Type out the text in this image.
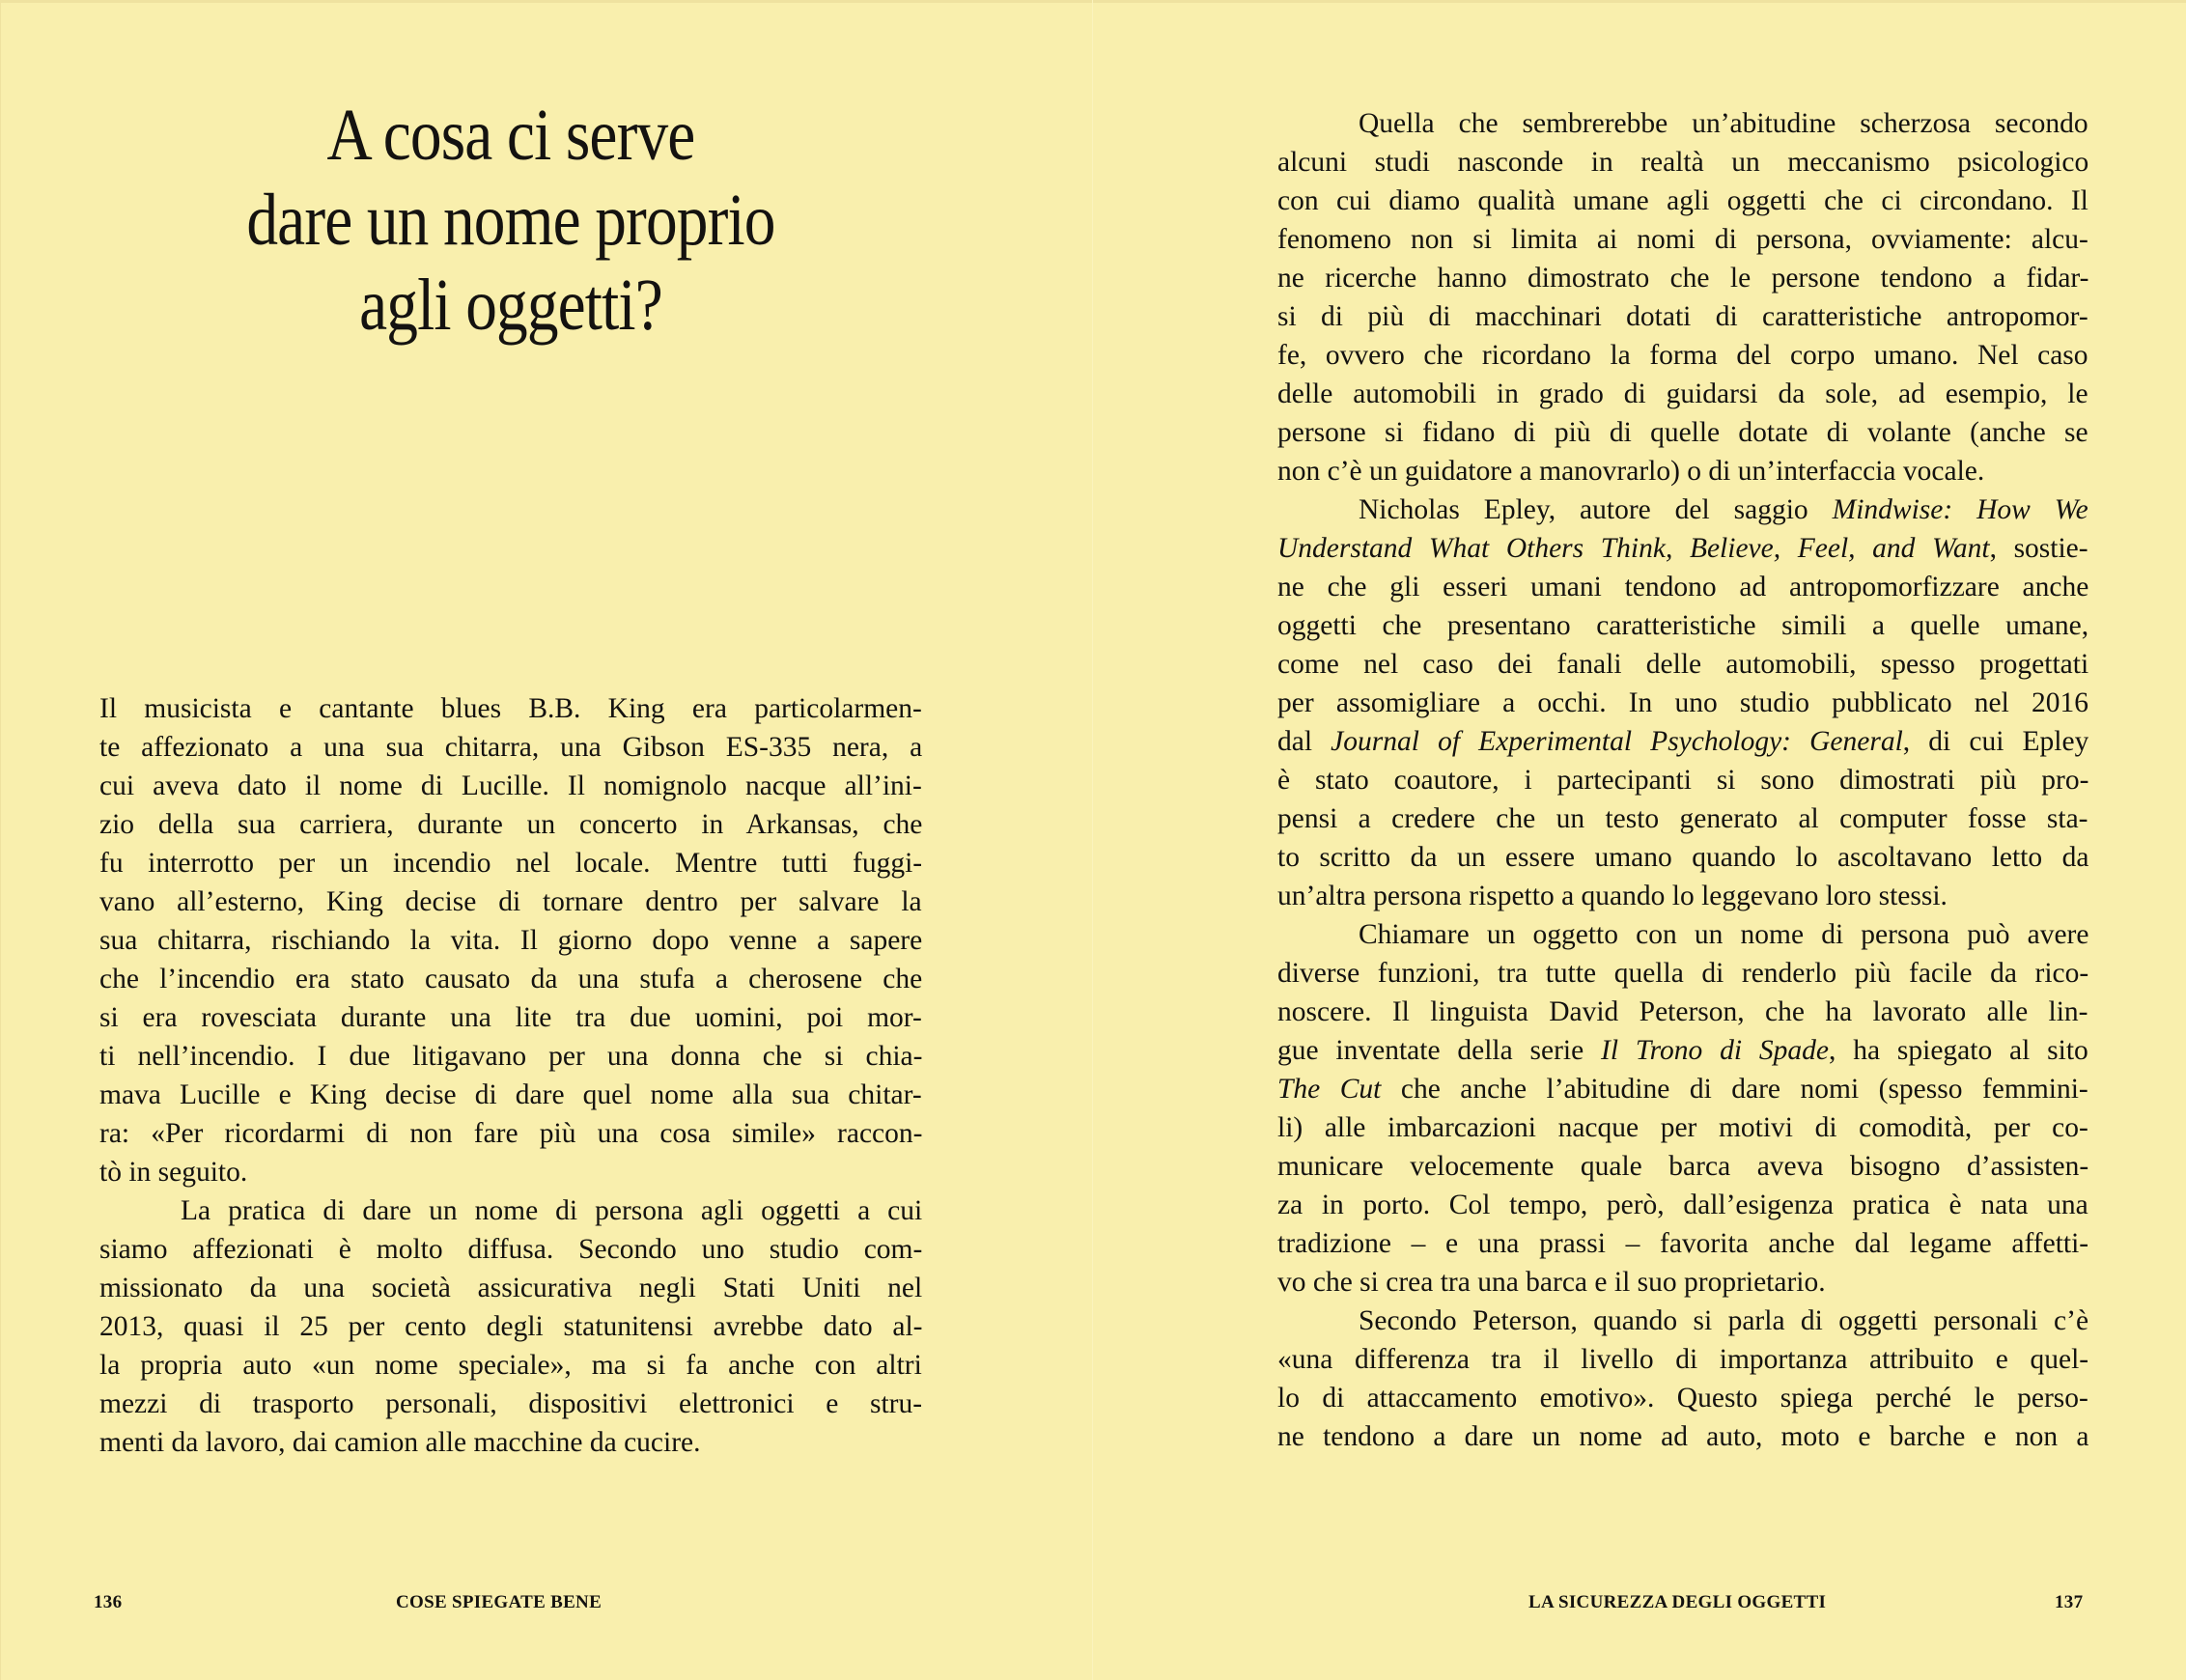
A cosa ci serve
dare un nome proprio
agli oggetti?
Il musicista e cantante blues B.B. King era particolarmen-
te affezionato a una sua chitarra, una Gibson ES-335 nera, a
cui aveva dato il nome di Lucille. Il nomignolo nacque all’ini-
zio della sua carriera, durante un concerto in Arkansas, che
fu interrotto per un incendio nel locale. Mentre tutti fuggi-
vano all’esterno, King decise di tornare dentro per salvare la
sua chitarra, rischiando la vita. Il giorno dopo venne a sapere
che l’incendio era stato causato da una stufa a cherosene che
si era rovesciata durante una lite tra due uomini, poi mor-
ti nell’incendio. I due litigavano per una donna che si chia-
mava Lucille e King decise di dare quel nome alla sua chitar-
ra: «Per ricordarmi di non fare più una cosa simile» raccon-
tò in seguito.
La pratica di dare un nome di persona agli oggetti a cui
siamo affezionati è molto diffusa. Secondo uno studio com-
missionato da una società assicurativa negli Stati Uniti nel
2013, quasi il 25 per cento degli statunitensi avrebbe dato al-
la propria auto «un nome speciale», ma si fa anche con altri
mezzi di trasporto personali, dispositivi elettronici e stru-
menti da lavoro, dai camion alle macchine da cucire.
136	COSE SPIEGATE BENE
Quella che sembrerebbe un’abitudine scherzosa secondo
alcuni studi nasconde in realtà un meccanismo psicologico
con cui diamo qualità umane agli oggetti che ci circondano. Il
fenomeno non si limita ai nomi di persona, ovviamente: alcu-
ne ricerche hanno dimostrato che le persone tendono a fidar-
si di più di macchinari dotati di caratteristiche antropomor-
fe, ovvero che ricordano la forma del corpo umano. Nel caso
delle automobili in grado di guidarsi da sole, ad esempio, le
persone si fidano di più di quelle dotate di volante (anche se
non c’è un guidatore a manovrarlo) o di un’interfaccia vocale.
Nicholas Epley, autore del saggio Mindwise: How We
Understand What Others Think, Believe, Feel, and Want, sostie-
ne che gli esseri umani tendono ad antropomorfizzare anche
oggetti che presentano caratteristiche simili a quelle umane,
come nel caso dei fanali delle automobili, spesso progettati
per assomigliare a occhi. In uno studio pubblicato nel 2016
dal Journal of Experimental Psychology: General, di cui Epley
è stato coautore, i partecipanti si sono dimostrati più pro-
pensi a credere che un testo generato al computer fosse sta-
to scritto da un essere umano quando lo ascoltavano letto da
un’altra persona rispetto a quando lo leggevano loro stessi.
Chiamare un oggetto con un nome di persona può avere
diverse funzioni, tra tutte quella di renderlo più facile da rico-
noscere. Il linguista David Peterson, che ha lavorato alle lin-
gue inventate della serie Il Trono di Spade, ha spiegato al sito
The Cut che anche l’abitudine di dare nomi (spesso femmini-
li) alle imbarcazioni nacque per motivi di comodità, per co-
municare velocemente quale barca aveva bisogno d’assisten-
za in porto. Col tempo, però, dall’esigenza pratica è nata una
tradizione – e una prassi – favorita anche dal legame affetti-
vo che si crea tra una barca e il suo proprietario.
Secondo Peterson, quando si parla di oggetti personali c’è
«una differenza tra il livello di importanza attribuito e quel-
lo di attaccamento emotivo». Questo spiega perché le perso-
ne tendono a dare un nome ad auto, moto e barche e non a
LA SICUREZZA DEGLI OGGETTI	137
